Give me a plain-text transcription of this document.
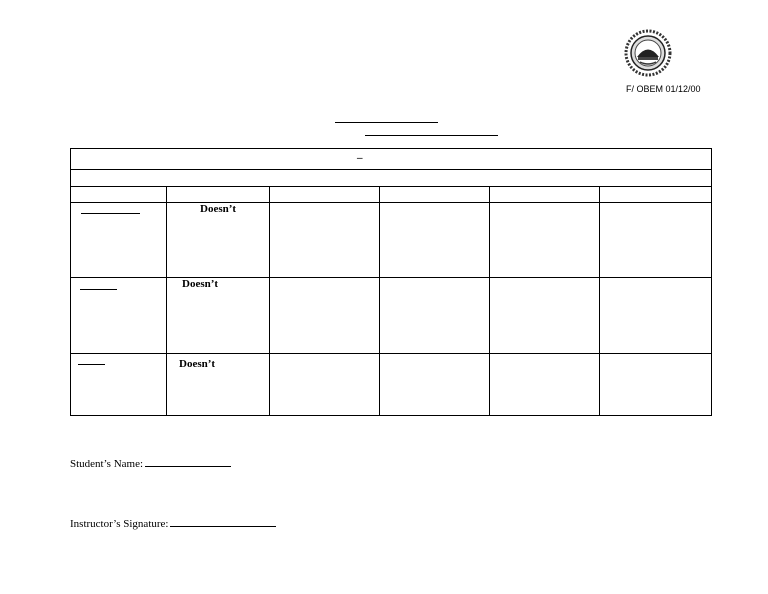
F/ OBEM 01/12/00
–					

	Doesn’t				

	Doesn’t				

	Doesn’t				

Student’s Name:
Instructor’s Signature:
